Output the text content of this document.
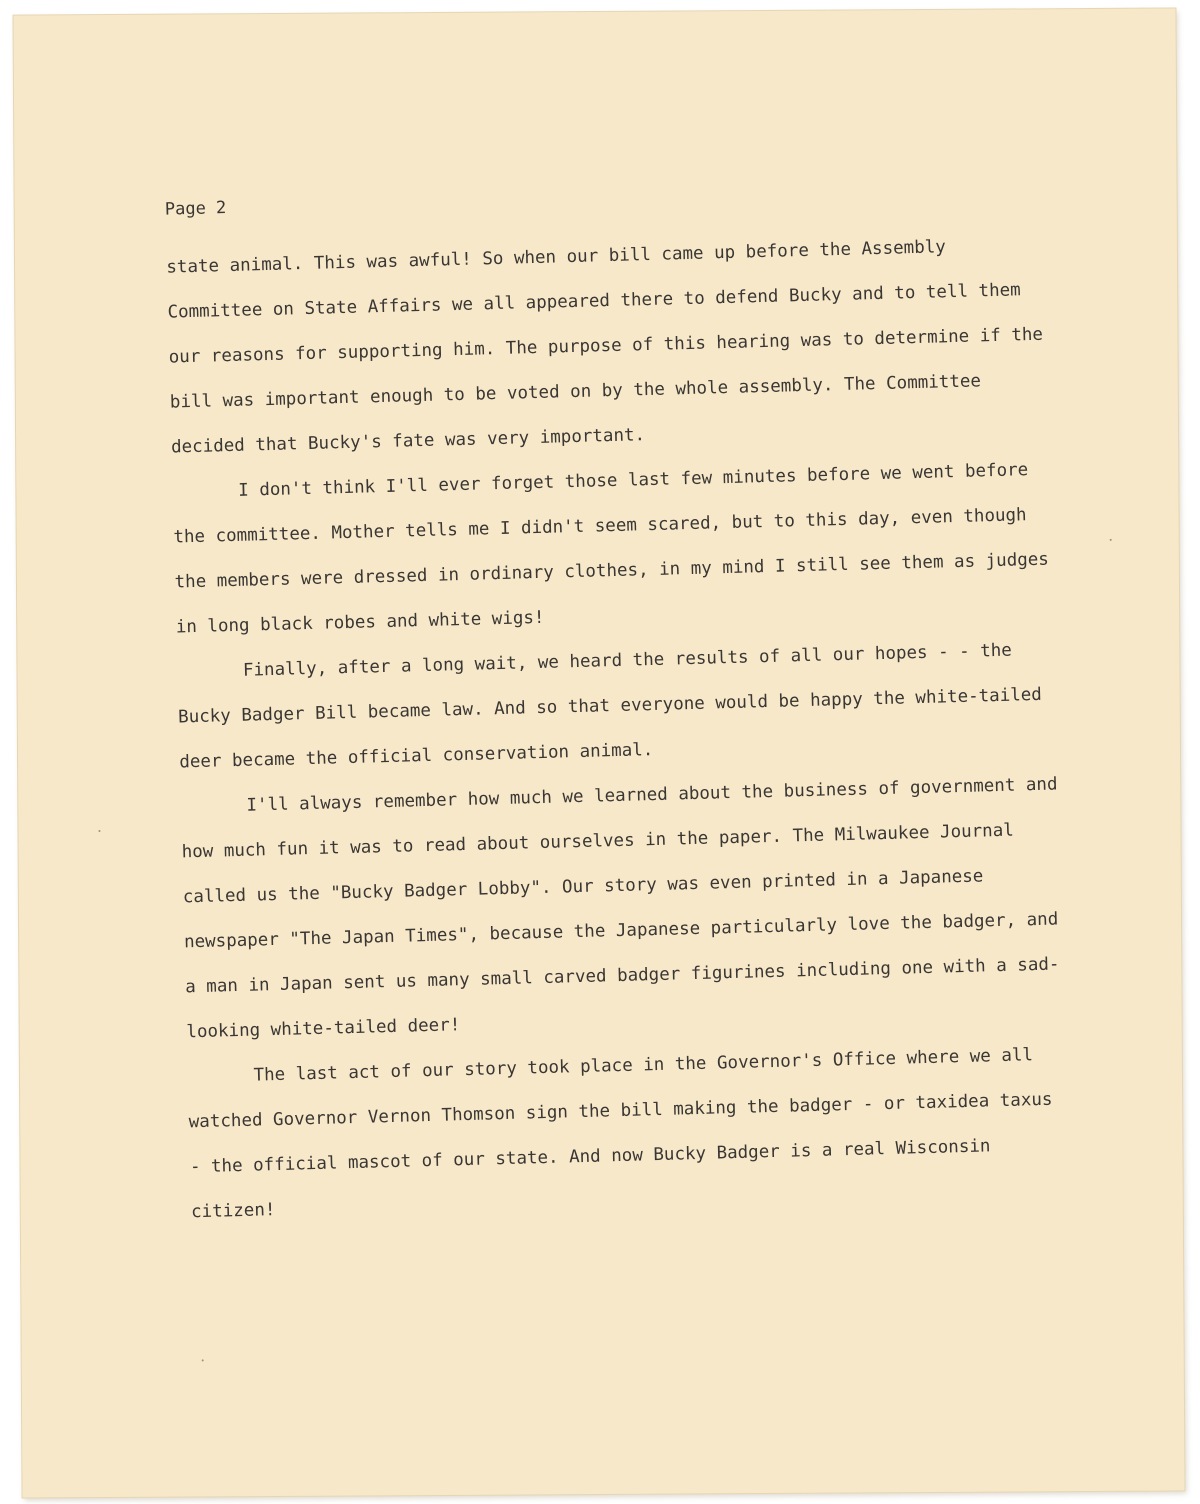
Page 2

state animal. This was awful! So when our bill came up before the Assembly Committee on State Affairs we all appeared there to defend Bucky and to tell them our reasons for supporting him. The purpose of this hearing was to determine if the bill was important enough to be voted on by the whole assembly. The Committee decided that Bucky's fate was very important.

I don't think I'll ever forget those last few minutes before we went before the committee. Mother tells me I didn't seem scared, but to this day, even though the members were dressed in ordinary clothes, in my mind I still see them as judges in long black robes and white wigs!

Finally, after a long wait, we heard the results of all our hopes - - the Bucky Badger Bill became law. And so that everyone would be happy the white-tailed deer became the official conservation animal.

I'll always remember how much we learned about the business of government and how much fun it was to read about ourselves in the paper. The Milwaukee Journal called us the "Bucky Badger Lobby". Our story was even printed in a Japanese newspaper "The Japan Times", because the Japanese particularly love the badger, and a man in Japan sent us many small carved badger figurines including one with a sad-looking white-tailed deer!

The last act of our story took place in the Governor's Office where we all watched Governor Vernon Thomson sign the bill making the badger - or taxidea taxus - the official mascot of our state. And now Bucky Badger is a real Wisconsin citizen!
